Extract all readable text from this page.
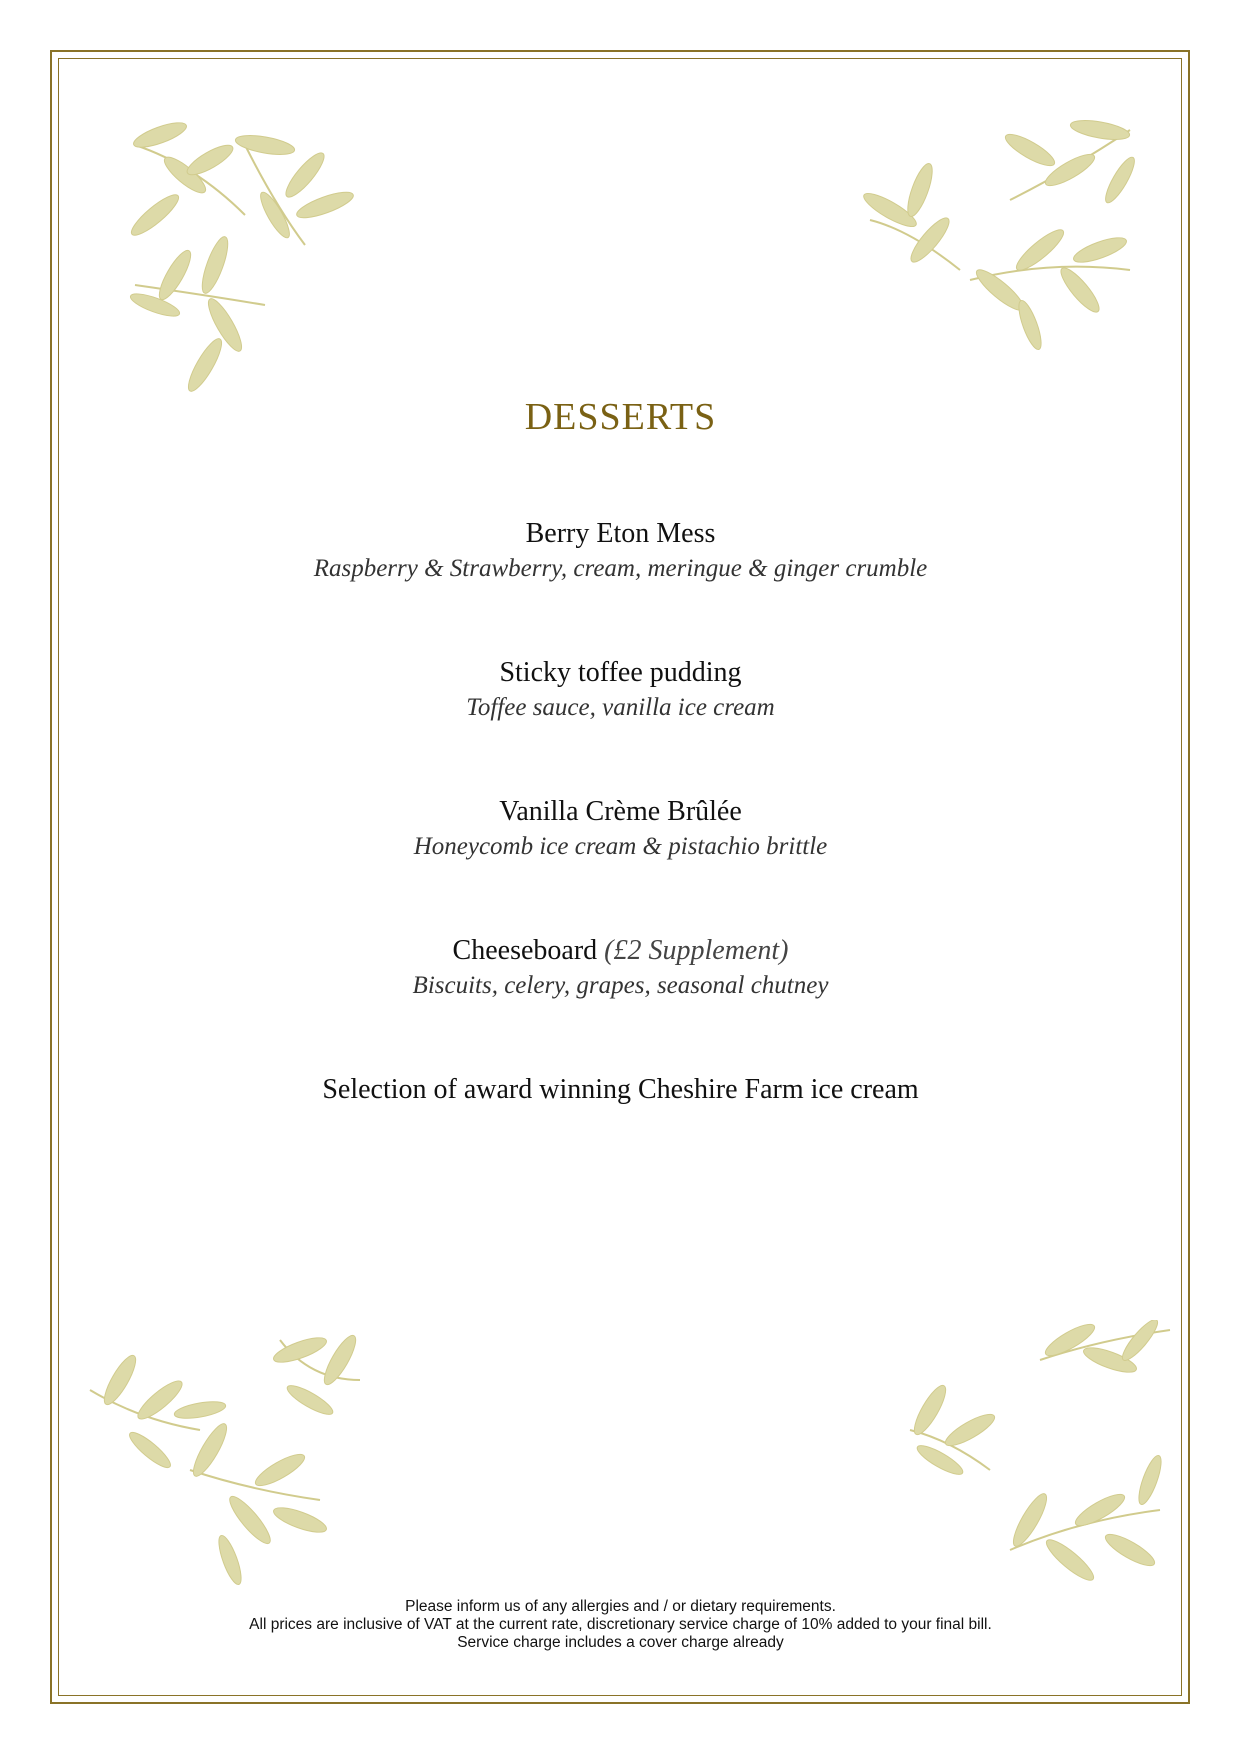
DESSERTS
Berry Eton Mess
Raspberry & Strawberry, cream, meringue & ginger crumble
Sticky toffee pudding
Toffee sauce, vanilla ice cream
Vanilla Crème Brûlée
Honeycomb ice cream & pistachio brittle
Cheeseboard (£2 Supplement)
Biscuits, celery, grapes, seasonal chutney
Selection of award winning Cheshire Farm ice cream
Please inform us of any allergies and / or dietary requirements.
All prices are inclusive of VAT at the current rate, discretionary service charge of 10% added to your final bill.
Service charge includes a cover charge already
